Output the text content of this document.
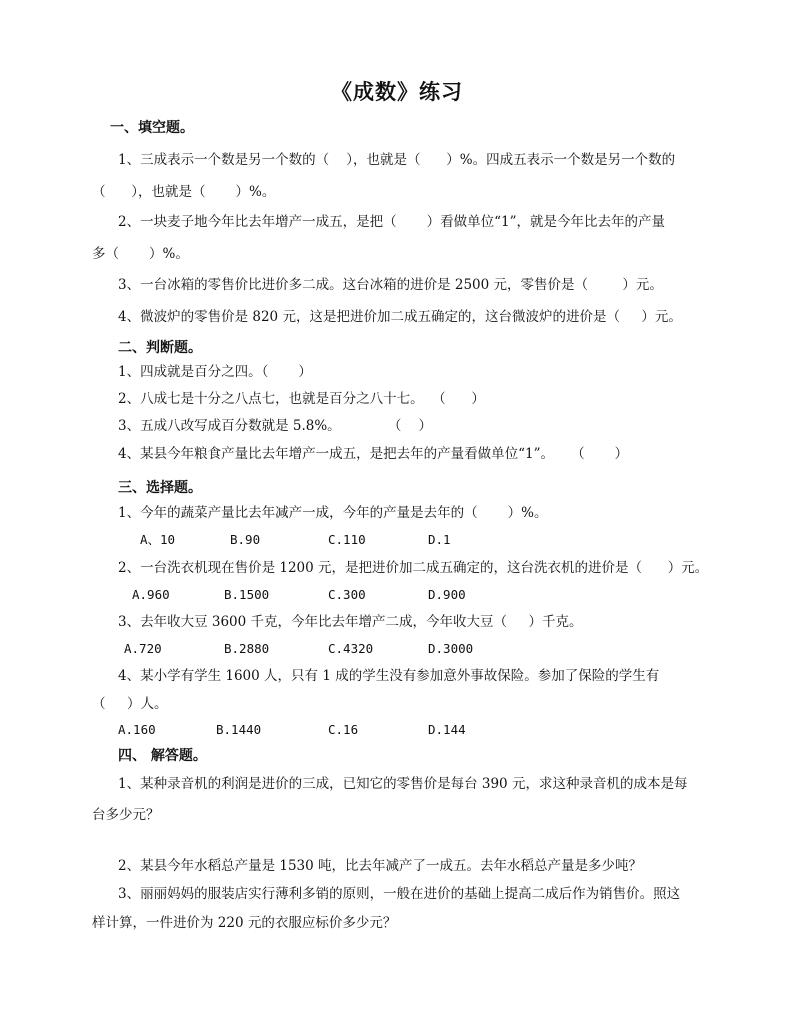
《成数》练习
一、填空题。
1、三成表示一个数是另一个数的（    ），也就是（      ）%。四成五表示一个数是另一个数的
（      ），也就是（       ）%。
2、一块麦子地今年比去年增产一成五，是把（       ）看做单位“1”，就是今年比去年的产量
多（       ）%。
3、一台冰箱的零售价比进价多二成。这台冰箱的进价是 2500 元，零售价是（        ）元。
4、微波炉的零售价是 820 元，这是把进价加二成五确定的，这台微波炉的进价是（     ）元。
二、判断题。
1、四成就是百分之四。（       ）
2、八成七是十分之八点七，也就是百分之八十七。  （      ）
3、五成八改写成百分数就是 5.8%。           （    ）
4、某县今年粮食产量比去年增产一成五，是把去年的产量看做单位“1”。    （       ）
三、选择题。
1、今年的蔬菜产量比去年减产一成，今年的产量是去年的（       ）%。
A、10	B.90	C.110	D.1
2、一台洗衣机现在售价是 1200 元，是把进价加二成五确定的，这台洗衣机的进价是（      ）元。
A.960	B.1500	C.300	D.900
3、去年收大豆 3600 千克，今年比去年增产二成，今年收大豆（     ）千克。
A.720	B.2880	C.4320	D.3000
4、某小学有学生 1600 人，只有 1 成的学生没有参加意外事故保险。参加了保险的学生有
（     ）人。
A.160	B.1440	C.16	D.144
四、 解答题。
1、某种录音机的利润是进价的三成，已知它的零售价是每台 390 元，求这种录音机的成本是每
台多少元？
2、某县今年水稻总产量是 1530 吨，比去年减产了一成五。去年水稻总产量是多少吨？
3、丽丽妈妈的服装店实行薄利多销的原则，一般在进价的基础上提高二成后作为销售价。照这
样计算，一件进价为 220 元的衣服应标价多少元？
